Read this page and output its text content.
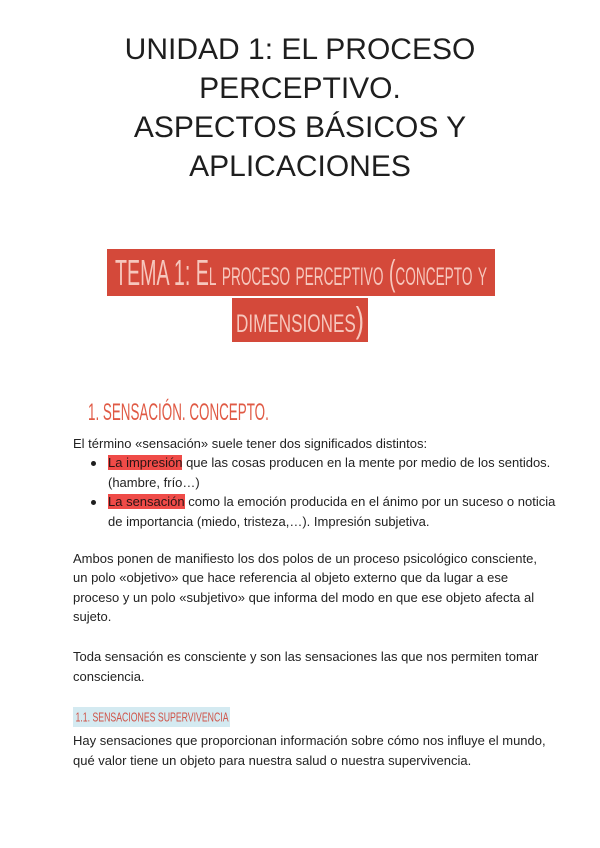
UNIDAD 1: EL PROCESO
PERCEPTIVO.
ASPECTOS BÁSICOS Y
APLICACIONES
TEMA 1: El proceso perceptivo (concepto y
dimensiones)
1. SENSACIÓN. CONCEPTO.
El término «sensación» suele tener dos significados distintos:
La impresión que las cosas producen en la mente por medio de los sentidos.
(hambre, frío…)
La sensación como la emoción producida en el ánimo por un suceso o noticia
de importancia (miedo, tristeza,…). Impresión subjetiva.
Ambos ponen de manifiesto los dos polos de un proceso psicológico consciente,
un polo «objetivo» que hace referencia al objeto externo que da lugar a ese
proceso y un polo «subjetivo» que informa del modo en que ese objeto afecta al
sujeto.
Toda sensación es consciente y son las sensaciones las que nos permiten tomar
consciencia.
1.1. SENSACIONES SUPERVIVENCIA
Hay sensaciones que proporcionan información sobre cómo nos influye el mundo,
qué valor tiene un objeto para nuestra salud o nuestra supervivencia.
